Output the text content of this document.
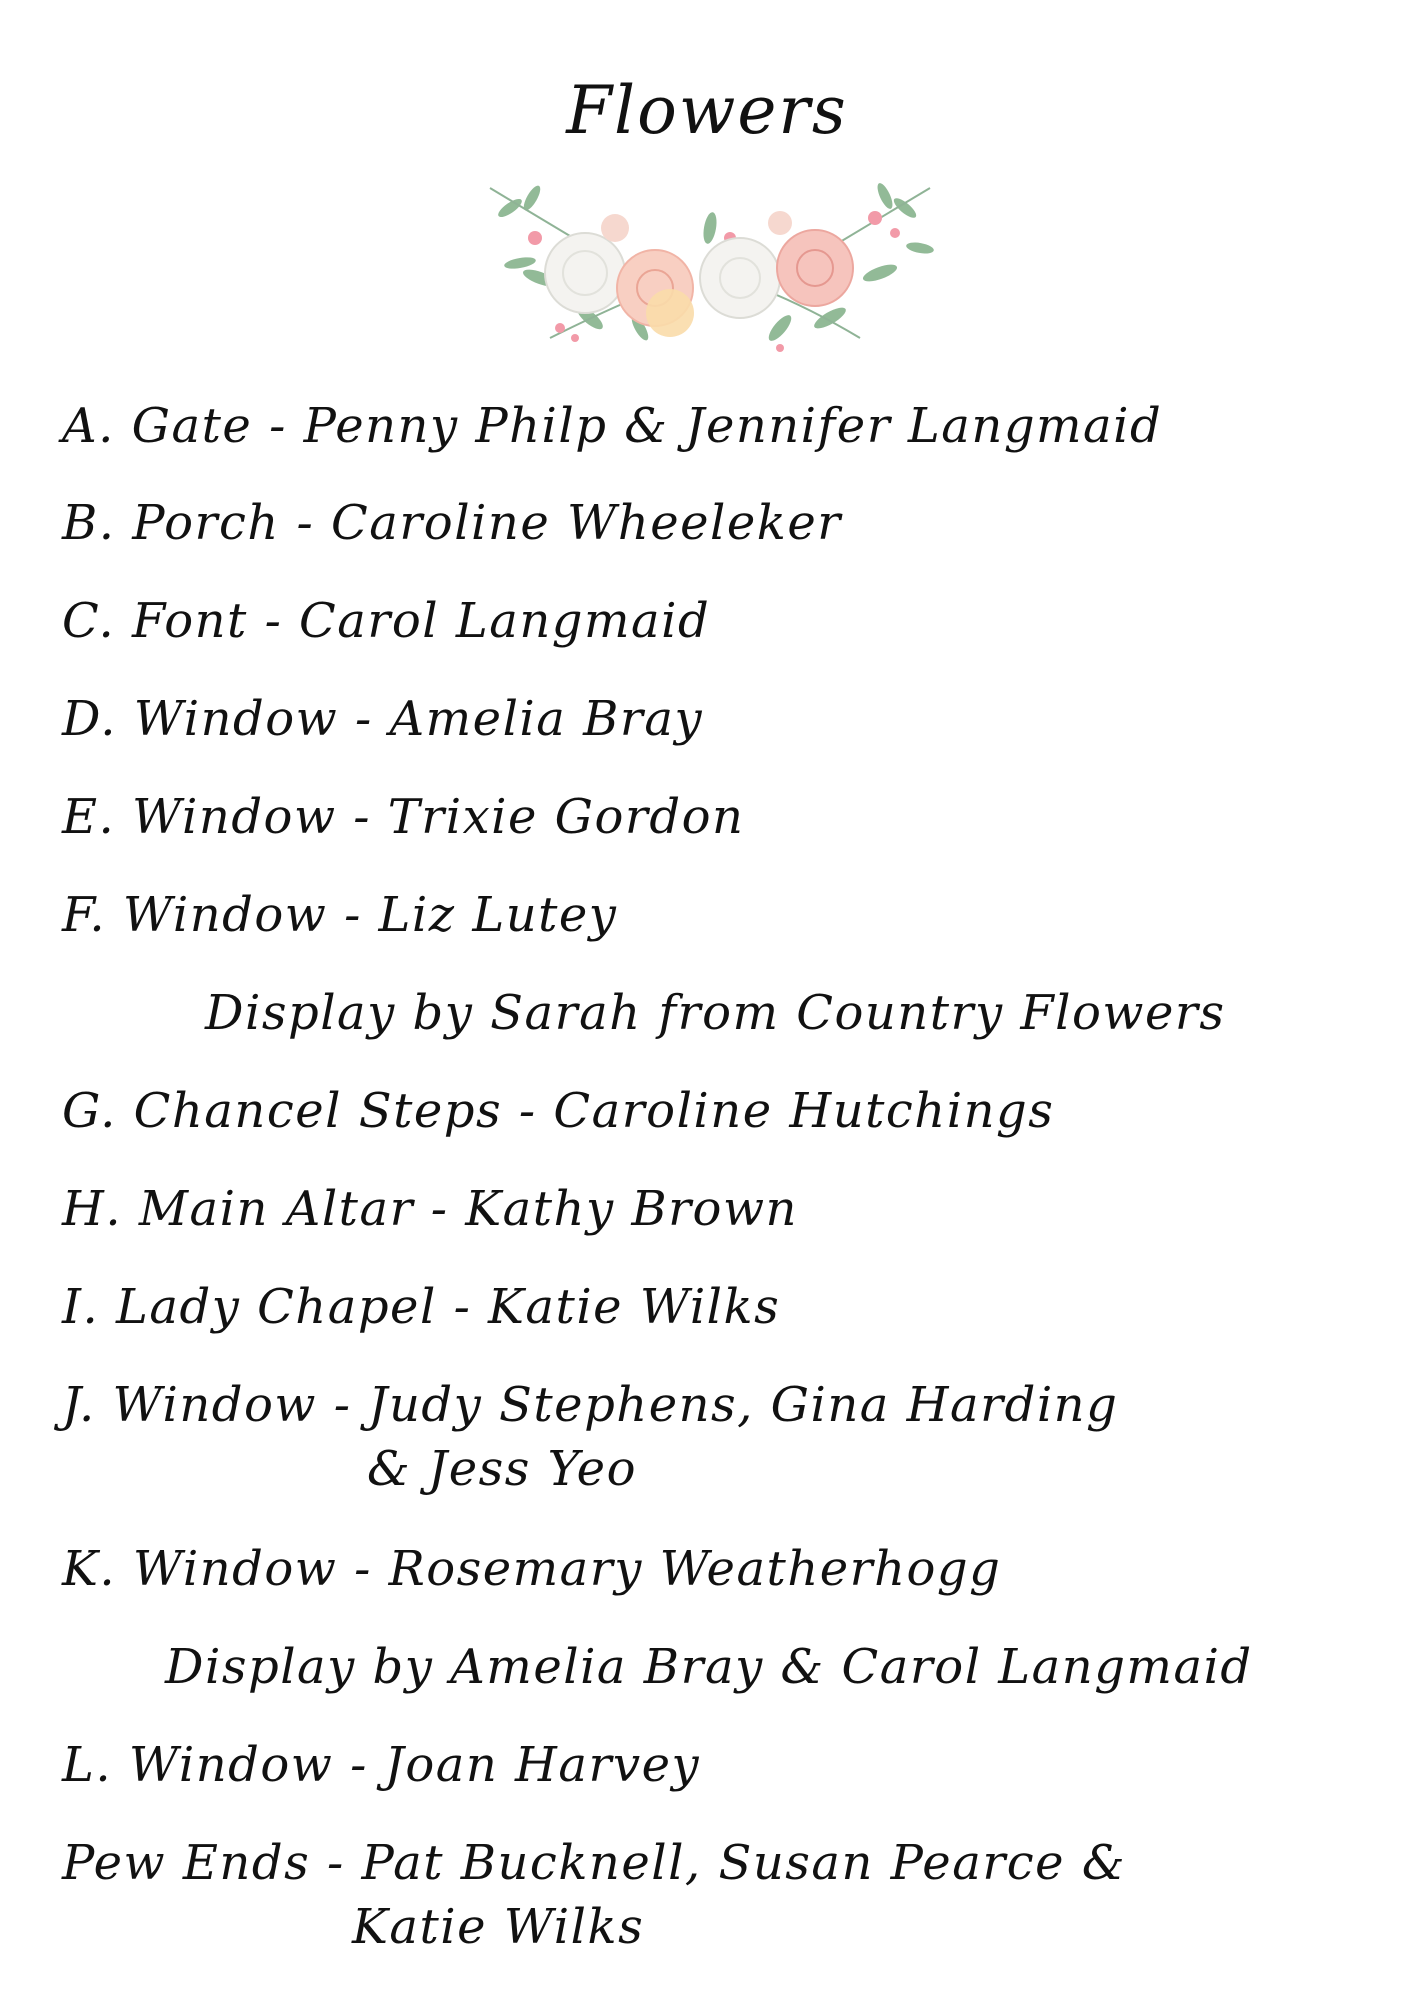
Flowers
A. Gate - Penny Philp & Jennifer Langmaid
B. Porch - Caroline Wheeleker
C. Font - Carol Langmaid
D. Window - Amelia Bray
E. Window - Trixie Gordon
F. Window - Liz Lutey
Display by Sarah from Country Flowers
G. Chancel Steps - Caroline Hutchings
H. Main Altar - Kathy Brown
I. Lady Chapel - Katie Wilks
J. Window - Judy Stephens, Gina Harding
& Jess Yeo
K. Window - Rosemary Weatherhogg
Display by Amelia Bray & Carol Langmaid
L. Window - Joan Harvey
Pew Ends - Pat Bucknell, Susan Pearce &
Katie Wilks
